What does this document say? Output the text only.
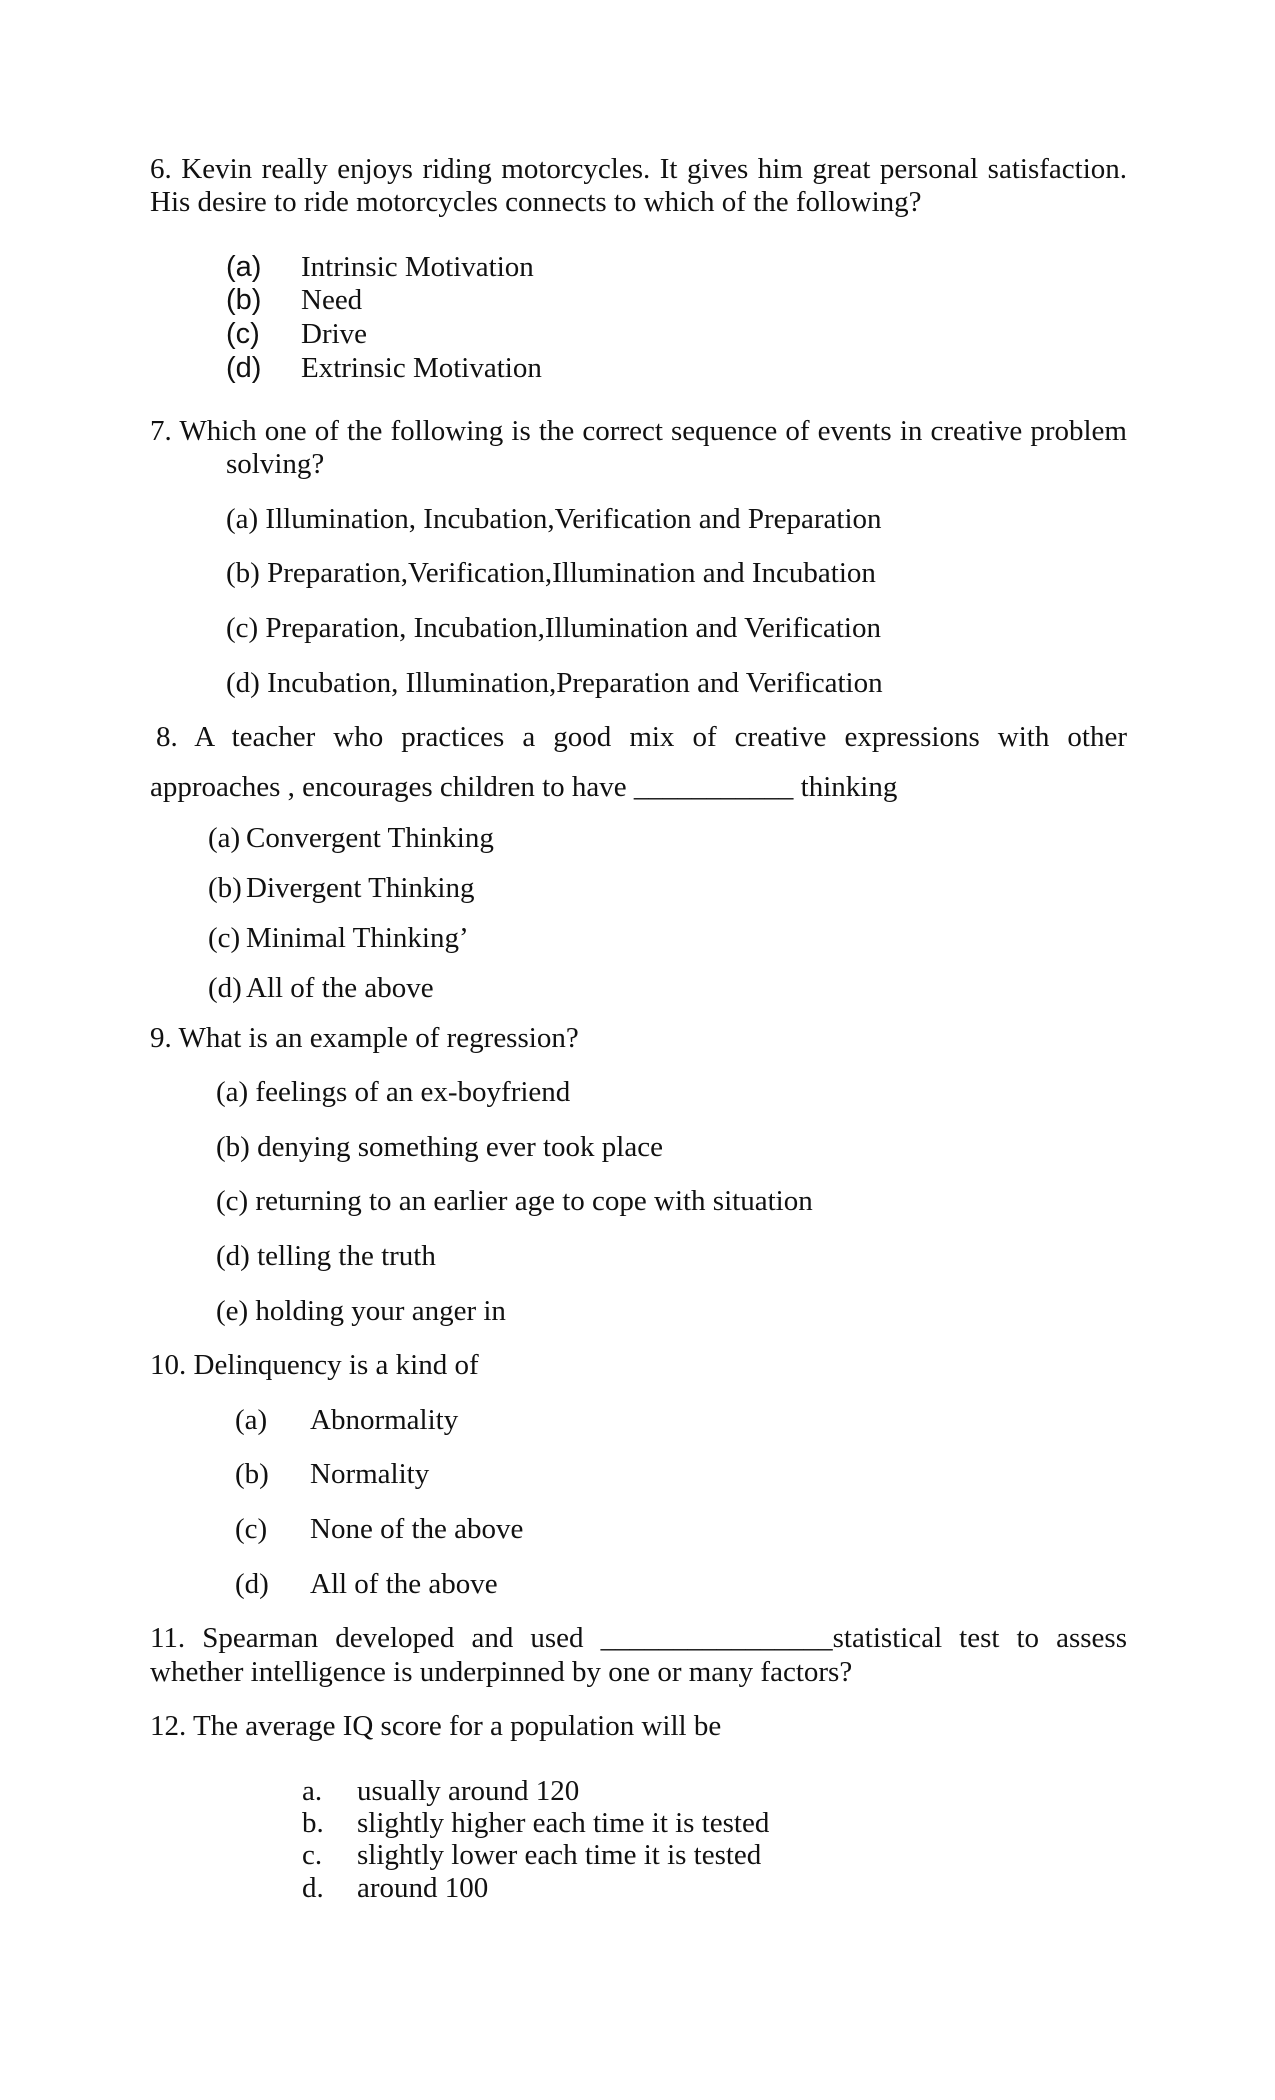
6. Kevin really enjoys riding motorcycles. It gives him great personal satisfaction.
His desire to ride motorcycles connects to which of the following?
(a) Intrinsic Motivation
(b) Need
(c) Drive
(d) Extrinsic Motivation
7. Which one of the following is the correct sequence of events in creative problem
solving?
(a) Illumination, Incubation,Verification and Preparation
(b) Preparation,Verification,Illumination and Incubation
(c) Preparation, Incubation,Illumination and Verification
(d) Incubation, Illumination,Preparation and Verification
8. A teacher who practices a good mix of creative expressions with other
approaches , encourages children to have ___________ thinking
(a) Convergent Thinking
(b) Divergent Thinking
(c) Minimal Thinking’
(d) All of the above
9. What is an example of regression?
(a) feelings of an ex-boyfriend
(b) denying something ever took place
(c) returning to an earlier age to cope with situation
(d) telling the truth
(e) holding your anger in
10. Delinquency is a kind of
(a) Abnormality
(b) Normality
(c) None of the above
(d) All of the above
11. Spearman developed and used ________________statistical test to assess
whether intelligence is underpinned by one or many factors?
12. The average IQ score for a population will be
a. usually around 120
b. slightly higher each time it is tested
c. slightly lower each time it is tested
d. around 100
